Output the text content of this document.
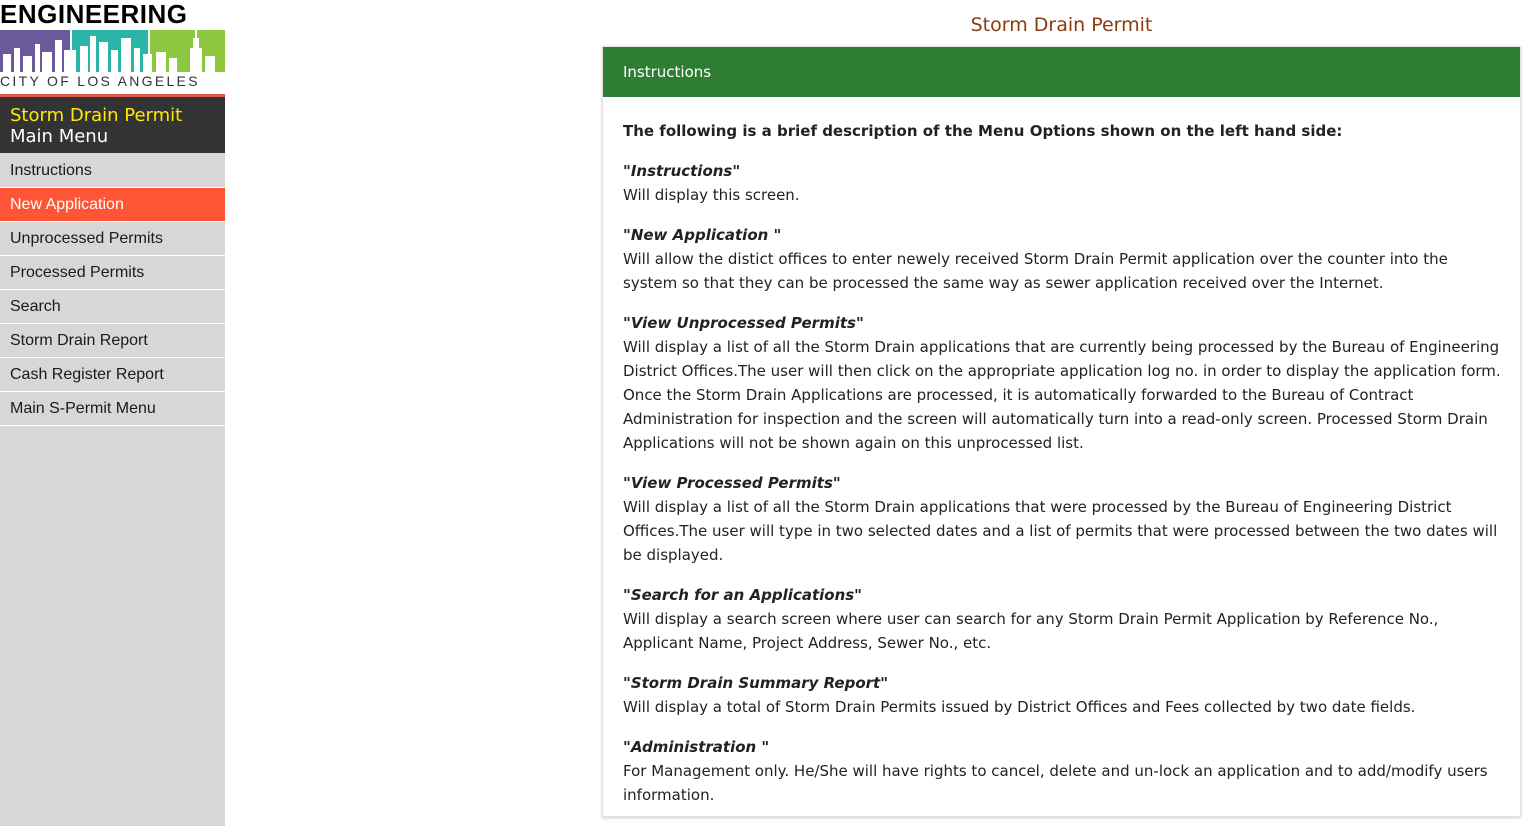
ENGINEERING
CITY OF LOS ANGELES
Storm Drain Permit
Main Menu
Instructions
New Application
Unprocessed Permits
Processed Permits
Search
Storm Drain Report
Cash Register Report
Main S-Permit Menu
Storm Drain Permit
Instructions

The following is a brief description of the Menu Options shown on the left hand side:

"Instructions"
Will display this screen.
"New Application "
Will allow the distict offices to enter newely received Storm Drain Permit application over the counter into the system so that they can be processed the same way as sewer application received over the Internet.
"View Unprocessed Permits"
Will display a list of all the Storm Drain applications that are currently being processed by the Bureau of Engineering District Offices.The user will then click on the appropriate application log no. in order to display the application form. Once the Storm Drain Applications are processed, it is automatically forwarded to the Bureau of Contract Administration for inspection and the screen will automatically turn into a read-only screen. Processed Storm Drain Applications will not be shown again on this unprocessed list.
"View Processed Permits"
Will display a list of all the Storm Drain applications that were processed by the Bureau of Engineering District Offices.The user will type in two selected dates and a list of permits that were processed between the two dates will be displayed.
"Search for an Applications"
Will display a search screen where user can search for any Storm Drain Permit Application by Reference No., Applicant Name, Project Address, Sewer No., etc.
"Storm Drain Summary Report"
Will display a total of Storm Drain Permits issued by District Offices and Fees collected by two date fields.
"Administration "
For Management only. He/She will have rights to cancel, delete and un-lock an application and to add/modify users information.
